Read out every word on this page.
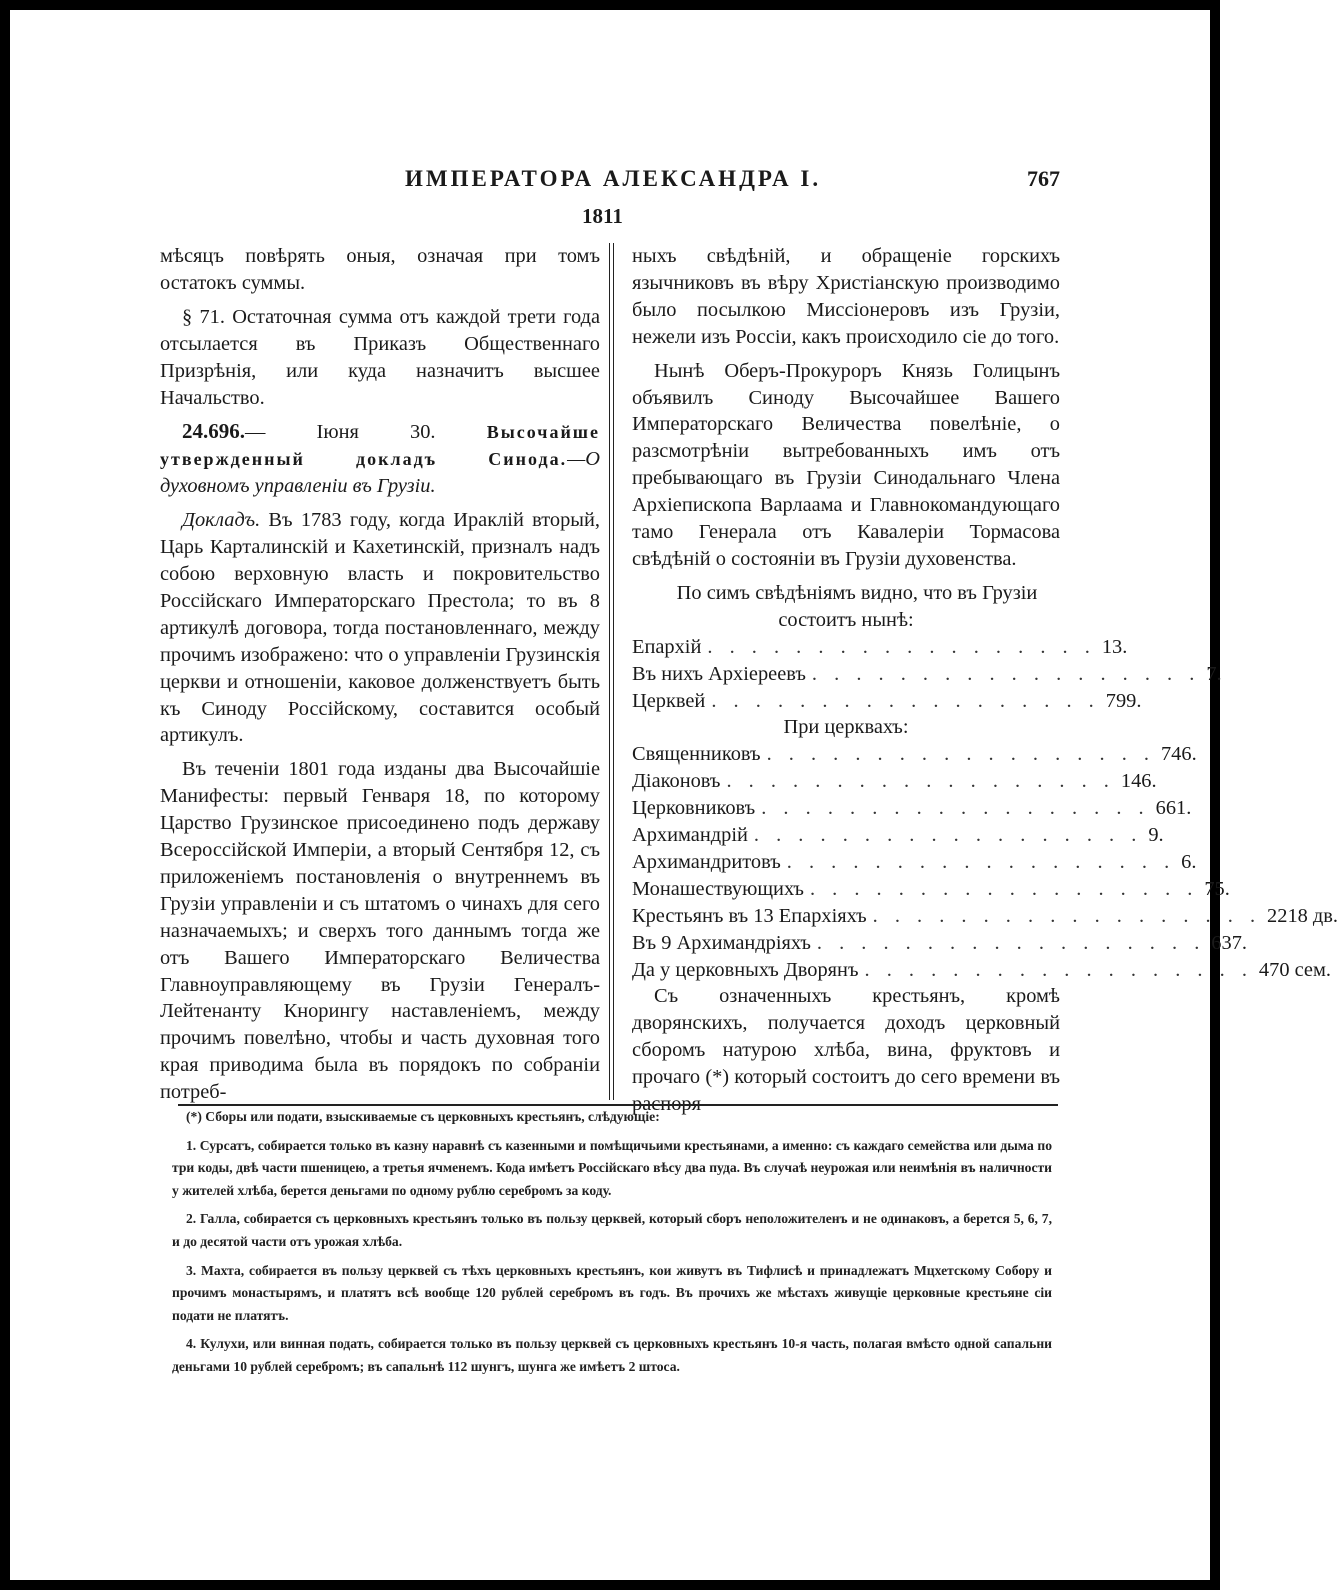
ИМПЕРАТОРА АЛЕКСАНДРА I.	767
1811

мѣсяцъ повѣрять оныя, означая при томъ остатокъ суммы.

§ 71. Остаточная сумма отъ каждой трети года отсылается въ Приказъ Общественнаго Призрѣнія, или куда назначитъ высшее Начальство.

24.696.— Іюня 30. Высочайше утвержденный докладъ Синода.—О духовномъ управленіи въ Грузіи.

Докладъ. Въ 1783 году, когда Ираклій вторый, Царь Карталинскій и Кахетинскій, призналъ надъ собою верховную власть и покровительство Россійскаго Императорскаго Престола; то въ 8 артикулѣ договора, тогда постановленнаго, между прочимъ изображено: что о управленіи Грузинскія церкви и отношеніи, каковое долженствуетъ быть къ Синоду Россійскому, составится особый артикулъ.

Въ теченіи 1801 года изданы два Высочайшіе Манифесты: первый Генваря 18, по которому Царство Грузинское присоединено подъ державу Всероссійской Имперіи, а вторый Сентября 12, съ приложеніемъ постановленія о внутреннемъ въ Грузіи управленіи и съ штатомъ о чинахъ для сего назначаемыхъ; и сверхъ того даннымъ тогда же отъ Вашего Императорскаго Величества Главноуправляющему въ Грузіи Генералъ-Лейтенанту Кнорингу наставленіемъ, между прочимъ повелѣно, чтобы и часть духовная того края приводима была въ порядокъ по собраніи потреб-

ныхъ свѣдѣній, и обращеніе горскихъ язычниковъ въ вѣру Христіанскую производимо было посылкою Миссіонеровъ изъ Грузіи, нежели изъ Россіи, какъ происходило сіе до того.

Нынѣ Оберъ-Прокуроръ Князь Голицынъ объявилъ Синоду Высочайшее Вашего Императорскаго Величества повелѣніе, о разсмотрѣніи вытребованныхъ имъ отъ пребывающаго въ Грузіи Синодальнаго Члена Архіепископа Варлаама и Главнокомандующаго тамо Генерала отъ Кавалеріи Тормасова свѣдѣній о состояніи въ Грузіи духовенства.

По симъ свѣдѣніямъ видно, что въ Грузіи состоитъ нынѣ:

Епархій . . . . . . . . . . . . . . . . . . 13.
Въ нихъ Архіереевъ . . . . . . . . . . . . . . . . . . 7.
Церквей . . . . . . . . . . . . . . . . . . 799.

При церквахъ:

Священниковъ . . . . . . . . . . . . . . . . . . 746.
Діаконовъ . . . . . . . . . . . . . . . . . . 146.
Церковниковъ . . . . . . . . . . . . . . . . . . 661.
Архимандрій . . . . . . . . . . . . . . . . . . 9.
Архимандритовъ . . . . . . . . . . . . . . . . . . 6.
Монашествующихъ . . . . . . . . . . . . . . . . . . 75.
Крестьянъ въ 13 Епархіяхъ . . . . . . . . . . . . . . . . . . 2218 дв.
Въ 9 Архимандріяхъ . . . . . . . . . . . . . . . . . . 637.
Да у церковныхъ Дворянъ . . . . . . . . . . . . . . . . . . 470 сем.

Съ означенныхъ крестьянъ, кромѣ дворянскихъ, получается доходъ церковный сборомъ натурою хлѣба, вина, фруктовъ и прочаго (*) который состоитъ до сего времени въ распоря

(*) Сборы или подати, взыскиваемые съ церковныхъ крестьянъ, слѣдующіе:

1. Сурсатъ, собирается только въ казну наравнѣ съ казенными и помѣщичьими крестьянами, а именно: съ каждаго семейства или дыма по три коды, двѣ части пшеницею, а третья ячменемъ. Кода имѣетъ Россійскаго вѣсу два пуда. Въ случаѣ неурожая или неимѣнія въ наличности у жителей хлѣба, берется деньгами по одному рублю серебромъ за коду.

2. Галла, собирается съ церковныхъ крестьянъ только въ пользу церквей, который сборъ неположителенъ и не одинаковъ, а берется 5, 6, 7, и до десятой части отъ урожая хлѣба.

3. Махта, собирается въ пользу церквей съ тѣхъ церковныхъ крестьянъ, кои живутъ въ Тифлисѣ и принадлежатъ Мцхетскому Собору и прочимъ монастырямъ, и платятъ всѣ вообще 120 рублей серебромъ въ годъ. Въ прочихъ же мѣстахъ живущіе церковные крестьяне сіи подати не платятъ.

4. Кулухи, или винная подать, собирается только въ пользу церквей съ церковныхъ крестьянъ 10-я часть, полагая вмѣсто одной сапальни деньгами 10 рублей серебромъ; въ сапальнѣ 112 шунгъ, шунга же имѣетъ 2 штоса.
